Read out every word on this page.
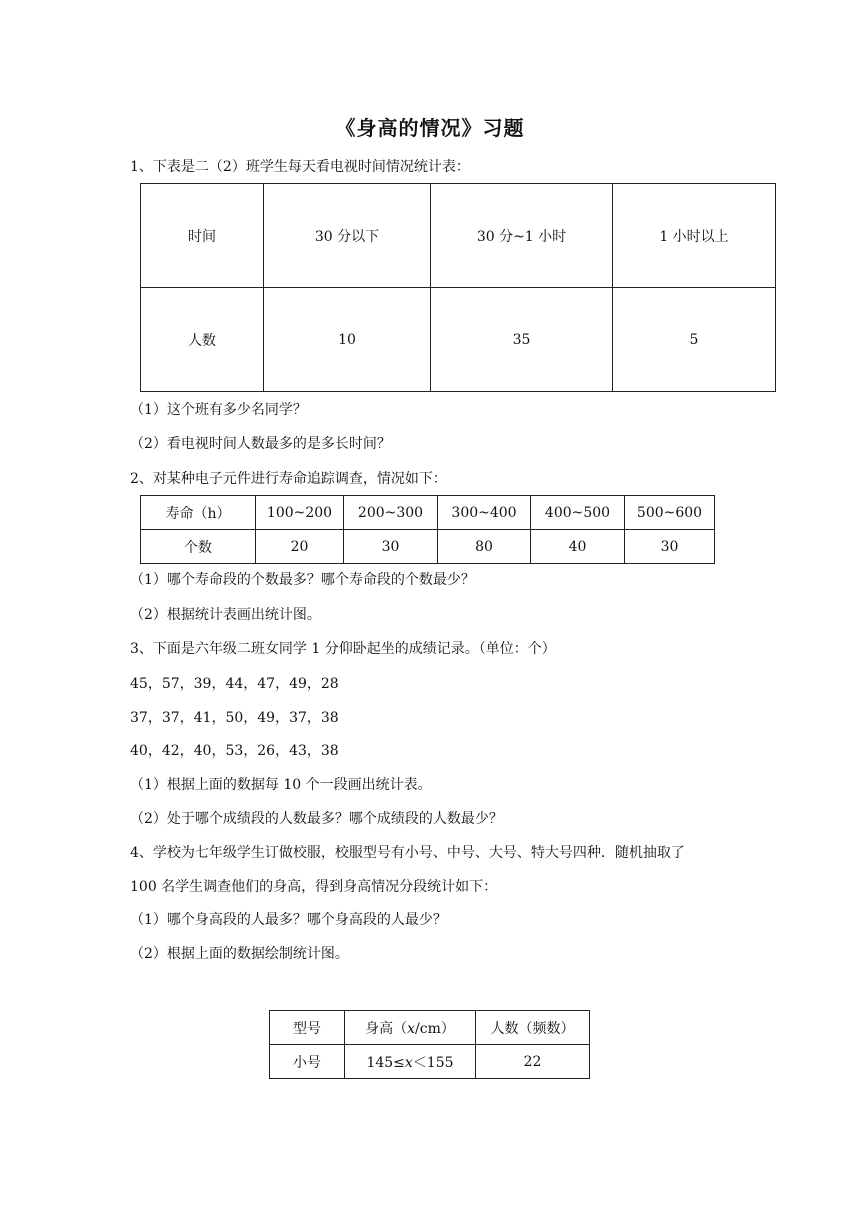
《身高的情况》习题
1、下表是二（2）班学生每天看电视时间情况统计表：
时间	30 分以下	30 分~1 小时	1 小时以上
人数	10	35	5
（1）这个班有多少名同学？
（2）看电视时间人数最多的是多长时间？
2、对某种电子元件进行寿命追踪调查，情况如下：
寿命（h）	100~200	200~300	300~400	400~500	500~600
个数	20	30	80	40	30
（1）哪个寿命段的个数最多？哪个寿命段的个数最少？
（2）根据统计表画出统计图。
3、下面是六年级二班女同学 1 分仰卧起坐的成绩记录。（单位：个）
45，57，39，44，47，49，28
37，37，41，50，49，37，38
40，42，40，53，26，43，38
（1）根据上面的数据每 10 个一段画出统计表。
（2）处于哪个成绩段的人数最多？哪个成绩段的人数最少？
4、学校为七年级学生订做校服，校服型号有小号、中号、大号、特大号四种．随机抽取了
100 名学生调查他们的身高，得到身高情况分段统计如下：
（1）哪个身高段的人最多？哪个身高段的人最少？
（2）根据上面的数据绘制统计图。
型号	身高（x/cm）	人数（频数）
小号	145≤x＜155	22
